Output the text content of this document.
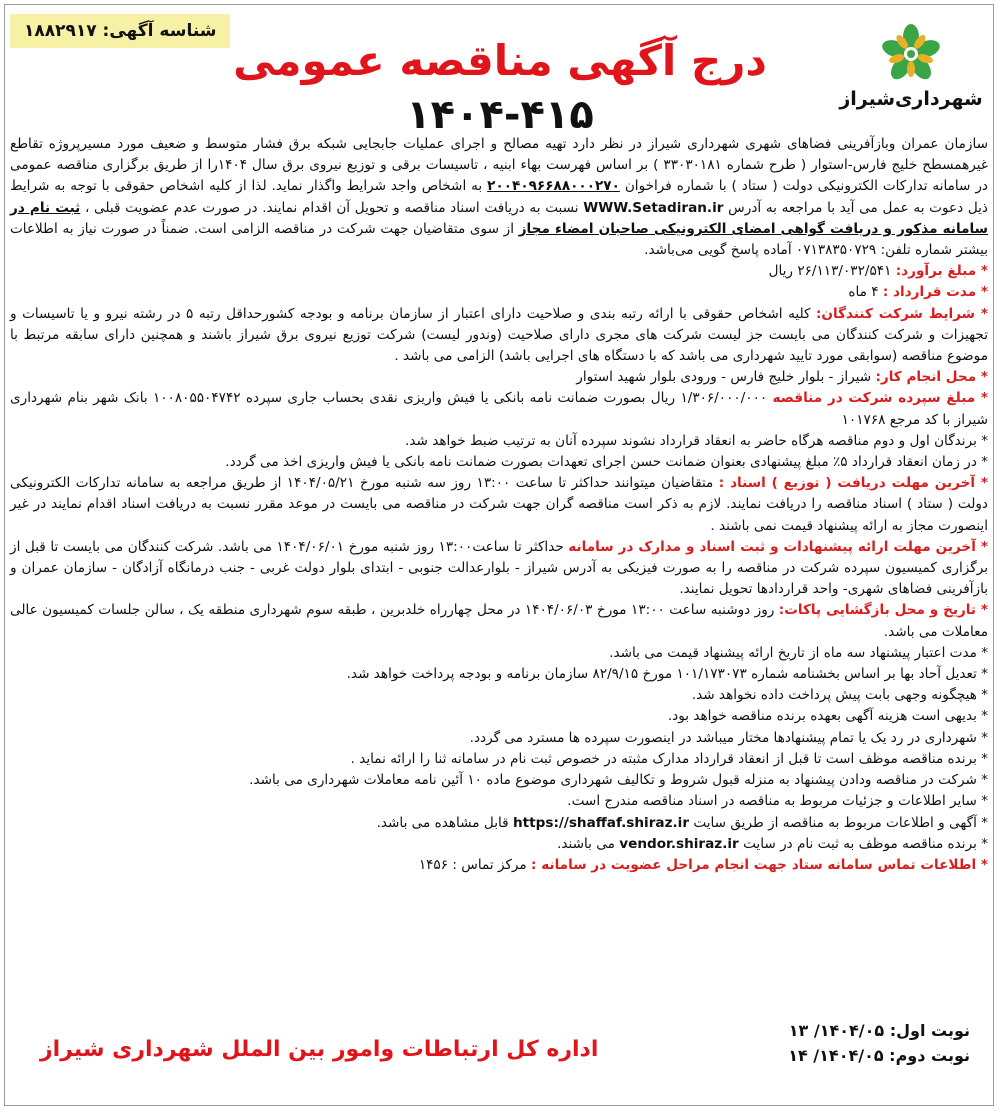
شناسه آگهی: ۱۸۸۲۹۱۷
درج آگهی مناقصه عمومی
۱۴۰۴-۴۱۵	شهرداری‌شیراز

سازمان عمران وبازآفرینی فضاهای شهری شهرداری شیراز در نظر دارد تهیه مصالح و اجرای عملیات جابجایی شبکه برق فشار متوسط و ضعیف مورد مسیرپروژه تقاطع غیرهمسطح خلیج فارس-استوار ( طرح شماره ۳۳۰۳۰۱۸۱ ) بر اساس فهرست بهاء ابنیه ، تاسیسات برقی و توزیع نیروی برق سال ۱۴۰۴را از طریق برگزاری مناقصه عمومی در سامانه تدارکات الکترونیکی دولت ( ستاد ) با شماره فراخوان ۲۰۰۴۰۹۶۶۸۸۰۰۰۲۷۰ به اشخاص واجد شرایط واگذار نماید. لذا از کلیه اشخاص حقوقی با توجه به شرایط ذیل دعوت به عمل می آید با مراجعه به آدرس WWW.Setadiran.ir نسبت به دریافت اسناد مناقصه و تحویل آن اقدام نمایند. در صورت عدم عضویت قبلی ، ثبت نام در سامانه مذکور و دریافت گواهی امضای الکترونیکی صاحبان امضاء مجاز از سوی متقاضیان جهت شرکت در مناقصه الزامی است. ضمناً در صورت نیاز به اطلاعات بیشتر شماره تلفن: ۰۷۱۳۸۳۵۰۷۲۹ آماده پاسخ گویی می‌باشد.

* مبلغ برآورد: ۲۶/۱۱۳/۰۳۲/۵۴۱ ریال

* مدت قرارداد : ۴ ماه

* شرایط شرکت کنندگان: کلیه اشخاص حقوقی با ارائه رتبه بندی و صلاحیت دارای اعتبار از سازمان برنامه و بودجه کشورحداقل رتبه ۵ در رشته نیرو و یا تاسیسات و تجهیزات و شرکت کنندگان می بایست جز لیست شرکت های مجری دارای صلاحیت (وندور لیست) شرکت توزیع نیروی برق شیراز باشند و همچنین دارای سابقه مرتبط با موضوع مناقصه (سوابقی مورد تایید شهرداری می باشد که با دستگاه های اجرایی باشد) الزامی می باشد .

* محل انجام کار: شیراز - بلوار خلیج فارس - ورودی بلوار شهید استوار

* مبلغ سپرده شرکت در مناقصه ۱/۳۰۶/۰۰۰/۰۰۰ ریال بصورت ضمانت نامه بانکی یا فیش واریزی نقدی بحساب جاری سپرده ۱۰۰۸۰۵۵۰۴۷۴۲ بانک شهر بنام شهرداری شیراز با کد مرجع ۱۰۱۷۶۸

* برندگان اول و دوم مناقصه هرگاه حاضر به انعقاد قرارداد نشوند سپرده آنان به ترتیب ضبط خواهد شد.

* در زمان انعقاد قرارداد ۵٪ مبلغ پیشنهادی بعنوان ضمانت حسن اجرای تعهدات بصورت ضمانت نامه بانکی یا فیش واریزی اخذ می گردد.

* آخرین مهلت دریافت ( توزیع ) اسناد : متقاضیان میتوانند حداکثر تا ساعت ۱۳:۰۰ روز سه شنبه مورخ ۱۴۰۴/۰۵/۲۱ از طریق مراجعه به سامانه تدارکات الکترونیکی دولت ( ستاد ) اسناد مناقصه را دریافت نمایند. لازم به ذکر است مناقصه گران جهت شرکت در مناقصه می بایست در موعد مقرر نسبت به دریافت اسناد اقدام نمایند در غیر اینصورت مجاز به ارائه پیشنهاد قیمت نمی باشند .

* آخرین مهلت ارائه پیشنهادات و ثبت اسناد و مدارک در سامانه حداکثر تا ساعت۱۳:۰۰ روز شنبه مورخ ۱۴۰۴/۰۶/۰۱ می باشد. شرکت کنندگان می بایست تا قبل از برگزاری کمیسیون سپرده شرکت در مناقصه را به صورت فیزیکی به آدرس شیراز - بلوارعدالت جنوبی - ابتدای بلوار دولت غربی - جنب درمانگاه آزادگان - سازمان عمران و بازآفرینی فضاهای شهری- واحد قراردادها تحویل نمایند.

* تاریخ و محل بازگشایی پاکات: روز دوشنبه ساعت ۱۳:۰۰ مورخ ۱۴۰۴/۰۶/۰۳ در محل چهارراه خلدبرین ، طبقه سوم شهرداری منطقه یک ، سالن جلسات کمیسیون عالی معاملات می باشد.

* مدت اعتبار پیشنهاد سه ماه از تاریخ ارائه پیشنهاد قیمت می باشد.

* تعدیل آحاد بها بر اساس بخشنامه شماره ۱۰۱/۱۷۳۰۷۳ مورخ ۸۲/۹/۱۵ سازمان برنامه و بودجه پرداخت خواهد شد.

* هیچگونه وجهی بابت پیش پرداخت داده نخواهد شد.

* بدیهی است هزینه آگهی بعهده برنده مناقصه خواهد بود.

* شهرداری در رد یک یا تمام پیشنهادها مختار میباشد در اینصورت سپرده ها مسترد می گردد.

* برنده مناقصه موظف است تا قبل از انعقاد قرارداد مدارک مثبته در خصوص ثبت نام در سامانه ثنا را ارائه نماید .

* شرکت در مناقصه ودادن پیشنهاد به منزله قبول شروط و تکالیف شهرداری موضوع ماده ۱۰ آئین نامه معاملات شهرداری می باشد.

* سایر اطلاعات و جزئیات مربوط به مناقصه در اسناد مناقصه مندرج است.

* آگهی و اطلاعات مربوط به مناقصه از طریق سایت https://shaffaf.shiraz.ir قابل مشاهده می باشد.

* برنده مناقصه موظف به ثبت نام در سایت vendor.shiraz.ir می باشند.

* اطلاعات تماس سامانه ستاد جهت انجام مراحل عضویت در سامانه : مرکز تماس : ۱۴۵۶

اداره کل ارتباطات وامور بین الملل شهرداری شیراز
نوبت اول: ۱۴۰۴/۰۵/ ۱۳
نوبت دوم: ۱۴۰۴/۰۵/ ۱۴
